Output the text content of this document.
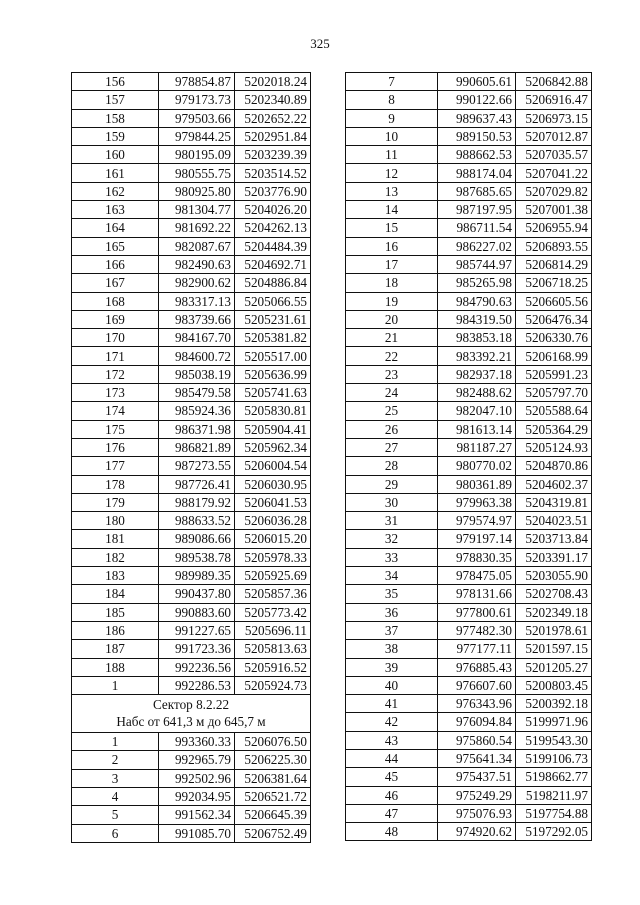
325
156	978854.87	5202018.24
157	979173.73	5202340.89
158	979503.66	5202652.22
159	979844.25	5202951.84
160	980195.09	5203239.39
161	980555.75	5203514.52
162	980925.80	5203776.90
163	981304.77	5204026.20
164	981692.22	5204262.13
165	982087.67	5204484.39
166	982490.63	5204692.71
167	982900.62	5204886.84
168	983317.13	5205066.55
169	983739.66	5205231.61
170	984167.70	5205381.82
171	984600.72	5205517.00
172	985038.19	5205636.99
173	985479.58	5205741.63
174	985924.36	5205830.81
175	986371.98	5205904.41
176	986821.89	5205962.34
177	987273.55	5206004.54
178	987726.41	5206030.95
179	988179.92	5206041.53
180	988633.52	5206036.28
181	989086.66	5206015.20
182	989538.78	5205978.33
183	989989.35	5205925.69
184	990437.80	5205857.36
185	990883.60	5205773.42
186	991227.65	5205696.11
187	991723.36	5205813.63
188	992236.56	5205916.52
1	992286.53	5205924.73

Сектор 8.2.22
Набс от 641,3 м до 645,7 м		

1	993360.33	5206076.50
2	992965.79	5206225.30
3	992502.96	5206381.64
4	992034.95	5206521.72
5	991562.34	5206645.39
6	991085.70	5206752.49
7	990605.61	5206842.88
8	990122.66	5206916.47
9	989637.43	5206973.15
10	989150.53	5207012.87
11	988662.53	5207035.57
12	988174.04	5207041.22
13	987685.65	5207029.82
14	987197.95	5207001.38
15	986711.54	5206955.94
16	986227.02	5206893.55
17	985744.97	5206814.29
18	985265.98	5206718.25
19	984790.63	5206605.56
20	984319.50	5206476.34
21	983853.18	5206330.76
22	983392.21	5206168.99
23	982937.18	5205991.23
24	982488.62	5205797.70
25	982047.10	5205588.64
26	981613.14	5205364.29
27	981187.27	5205124.93
28	980770.02	5204870.86
29	980361.89	5204602.37
30	979963.38	5204319.81
31	979574.97	5204023.51
32	979197.14	5203713.84
33	978830.35	5203391.17
34	978475.05	5203055.90
35	978131.66	5202708.43
36	977800.61	5202349.18
37	977482.30	5201978.61
38	977177.11	5201597.15
39	976885.43	5201205.27
40	976607.60	5200803.45
41	976343.96	5200392.18
42	976094.84	5199971.96
43	975860.54	5199543.30
44	975641.34	5199106.73
45	975437.51	5198662.77
46	975249.29	5198211.97
47	975076.93	5197754.88
48	974920.62	5197292.05
